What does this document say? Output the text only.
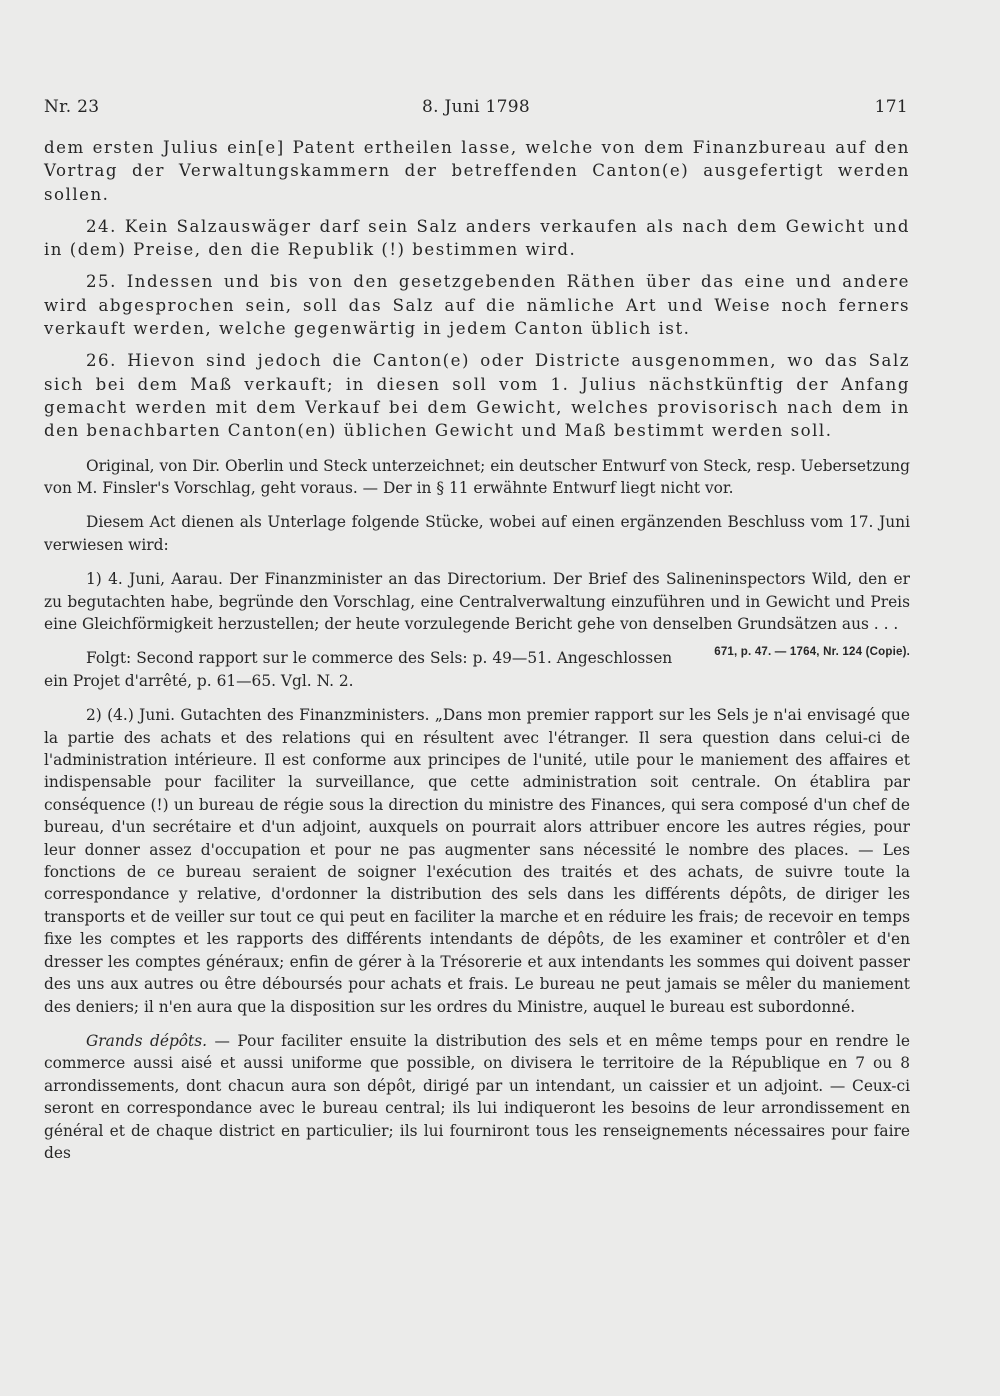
Nr. 23	8. Juni 1798	171

dem ersten Julius ein[e] Patent ertheilen lasse, welche von dem Finanzbureau auf den Vortrag der Verwaltungskammern der betreffenden Canton(e) ausgefertigt werden sollen.

24. Kein Salzauswäger darf sein Salz anders verkaufen als nach dem Gewicht und in (dem) Preise, den die Republik (!) bestimmen wird.

25. Indessen und bis von den gesetzgebenden Räthen über das eine und andere wird abgesprochen sein, soll das Salz auf die nämliche Art und Weise noch ferners verkauft werden, welche gegenwärtig in jedem Canton üblich ist.

26. Hievon sind jedoch die Canton(e) oder Districte ausgenommen, wo das Salz sich bei dem Maß verkauft; in diesen soll vom 1. Julius nächstkünftig der Anfang gemacht werden mit dem Verkauf bei dem Gewicht, welches provisorisch nach dem in den benachbarten Canton(en) üblichen Gewicht und Maß bestimmt werden soll.

Original, von Dir. Oberlin und Steck unterzeichnet; ein deutscher Entwurf von Steck, resp. Uebersetzung von M. Finsler's Vorschlag, geht voraus. — Der in § 11 erwähnte Entwurf liegt nicht vor.

Diesem Act dienen als Unterlage folgende Stücke, wobei auf einen ergänzenden Beschluss vom 17. Juni verwiesen wird:

1) 4. Juni, Aarau. Der Finanzminister an das Directorium. Der Brief des Salineninspectors Wild, den er zu begutachten habe, begründe den Vorschlag, eine Centralverwaltung einzuführen und in Gewicht und Preis eine Gleichförmigkeit herzustellen; der heute vorzulegende Bericht gehe von denselben Grundsätzen aus . . .
671, p. 47. — 1764, Nr. 124 (Copie).

Folgt: Second rapport sur le commerce des Sels: p. 49—51. Angeschlossen ein Projet d'arrêté, p. 61—65. Vgl. N. 2.

2) (4.) Juni. Gutachten des Finanzministers. „Dans mon premier rapport sur les Sels je n'ai envisagé que la partie des achats et des relations qui en résultent avec l'étranger. Il sera question dans celui-ci de l'administration intérieure. Il est conforme aux principes de l'unité, utile pour le maniement des affaires et indispensable pour faciliter la surveillance, que cette administration soit centrale. On établira par conséquence (!) un bureau de régie sous la direction du ministre des Finances, qui sera composé d'un chef de bureau, d'un secrétaire et d'un adjoint, auxquels on pourrait alors attribuer encore les autres régies, pour leur donner assez d'occupation et pour ne pas augmenter sans nécessité le nombre des places. — Les fonctions de ce bureau seraient de soigner l'exécution des traités et des achats, de suivre toute la correspondance y relative, d'ordonner la distribution des sels dans les différents dépôts, de diriger les transports et de veiller sur tout ce qui peut en faciliter la marche et en réduire les frais; de recevoir en temps fixe les comptes et les rapports des différents intendants de dépôts, de les examiner et contrôler et d'en dresser les comptes généraux; enfin de gérer à la Trésorerie et aux intendants les sommes qui doivent passer des uns aux autres ou être déboursés pour achats et frais. Le bureau ne peut jamais se mêler du maniement des deniers; il n'en aura que la disposition sur les ordres du Ministre, auquel le bureau est subordonné.

Grands dépôts. — Pour faciliter ensuite la distribution des sels et en même temps pour en rendre le commerce aussi aisé et aussi uniforme que possible, on divisera le territoire de la République en 7 ou 8 arrondissements, dont chacun aura son dépôt, dirigé par un intendant, un caissier et un adjoint. — Ceux-ci seront en correspondance avec le bureau central; ils lui indiqueront les besoins de leur arrondissement en général et de chaque district en particulier; ils lui fourniront tous les renseignements nécessaires pour faire des
